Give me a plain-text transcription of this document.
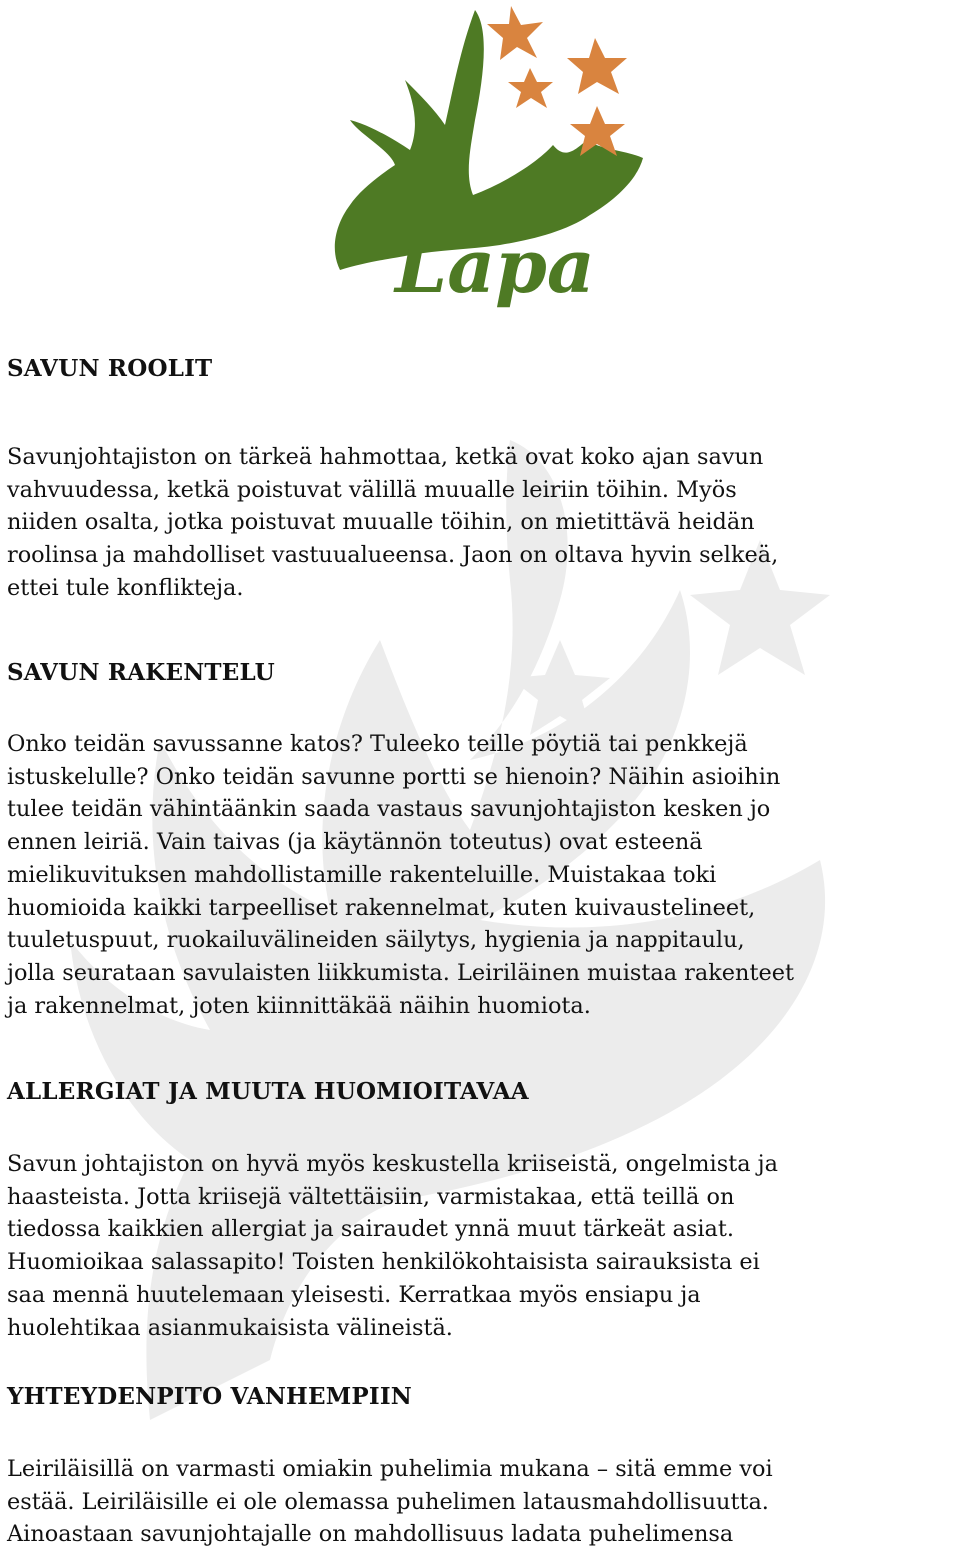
Lapa
SAVUN ROOLIT

Savunjohtajiston on tärkeä hahmottaa, ketkä ovat koko ajan savun
vahvuudessa, ketkä poistuvat välillä muualle leiriin töihin. Myös
niiden osalta, jotka poistuvat muualle töihin, on mietittävä heidän
roolinsa ja mahdolliset vastuualueensa. Jaon on oltava hyvin selkeä,
ettei tule konflikteja.

SAVUN RAKENTELU

Onko teidän savussanne katos? Tuleeko teille pöytiä tai penkkejä
istuskelulle? Onko teidän savunne portti se hienoin? Näihin asioihin
tulee teidän vähintäänkin saada vastaus savunjohtajiston kesken jo
ennen leiriä. Vain taivas (ja käytännön toteutus) ovat esteenä
mielikuvituksen mahdollistamille rakenteluille. Muistakaa toki
huomioida kaikki tarpeelliset rakennelmat, kuten kuivaustelineet,
tuuletuspuut, ruokailuvälineiden säilytys, hygienia ja nappitaulu,
jolla seurataan savulaisten liikkumista. Leiriläinen muistaa rakenteet
ja rakennelmat, joten kiinnittäkää näihin huomiota.

ALLERGIAT JA MUUTA HUOMIOITAVAA

Savun johtajiston on hyvä myös keskustella kriiseistä, ongelmista ja
haasteista. Jotta kriisejä vältettäisiin, varmistakaa, että teillä on
tiedossa kaikkien allergiat ja sairaudet ynnä muut tärkeät asiat.
Huomioikaa salassapito! Toisten henkilökohtaisista sairauksista ei
saa mennä huutelemaan yleisesti. Kerratkaa myös ensiapu ja
huolehtikaa asianmukaisista välineistä.

YHTEYDENPITO VANHEMPIIN

Leiriläisillä on varmasti omiakin puhelimia mukana – sitä emme voi
estää. Leiriläisille ei ole olemassa puhelimen latausmahdollisuutta.
Ainoastaan savunjohtajalle on mahdollisuus ladata puhelimensa
